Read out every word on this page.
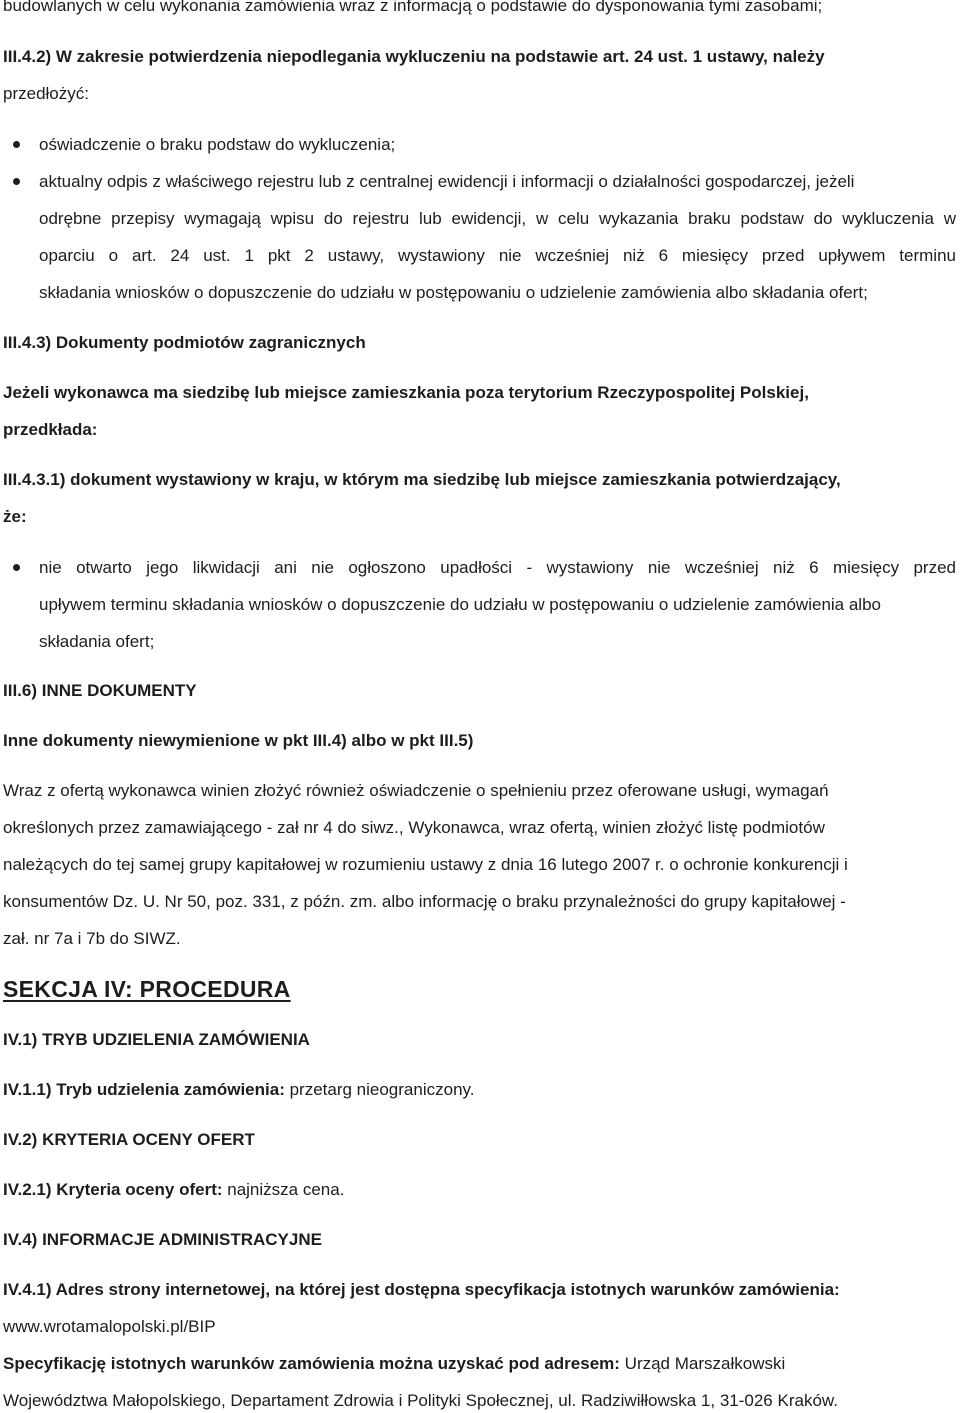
budowlanych w celu wykonania zamówienia wraz z informacją o podstawie do dysponowania tymi zasobami;
III.4.2) W zakresie potwierdzenia niepodlegania wykluczeniu na podstawie art. 24 ust. 1 ustawy, należy
przedłożyć:
oświadczenie o braku podstaw do wykluczenia;
aktualny odpis z właściwego rejestru lub z centralnej ewidencji i informacji o działalności gospodarczej, jeżeli
odrębne przepisy wymagają wpisu do rejestru lub ewidencji, w celu wykazania braku podstaw do wykluczenia w
oparciu o art. 24 ust. 1 pkt 2 ustawy, wystawiony nie wcześniej niż 6 miesięcy przed upływem terminu
składania wniosków o dopuszczenie do udziału w postępowaniu o udzielenie zamówienia albo składania ofert;
III.4.3) Dokumenty podmiotów zagranicznych
Jeżeli wykonawca ma siedzibę lub miejsce zamieszkania poza terytorium Rzeczypospolitej Polskiej,
przedkłada:
III.4.3.1) dokument wystawiony w kraju, w którym ma siedzibę lub miejsce zamieszkania potwierdzający,
że:
nie otwarto jego likwidacji ani nie ogłoszono upadłości - wystawiony nie wcześniej niż 6 miesięcy przed
upływem terminu składania wniosków o dopuszczenie do udziału w postępowaniu o udzielenie zamówienia albo
składania ofert;
III.6) INNE DOKUMENTY
Inne dokumenty niewymienione w pkt III.4) albo w pkt III.5)
Wraz z ofertą wykonawca winien złożyć również oświadczenie o spełnieniu przez oferowane usługi, wymagań
określonych przez zamawiającego - zał nr 4 do siwz., Wykonawca, wraz ofertą, winien złożyć listę podmiotów
należących do tej samej grupy kapitałowej w rozumieniu ustawy z dnia 16 lutego 2007 r. o ochronie konkurencji i
konsumentów Dz. U. Nr 50, poz. 331, z późn. zm. albo informację o braku przynależności do grupy kapitałowej -
zał. nr 7a i 7b do SIWZ.
SEKCJA IV: PROCEDURA
IV.1) TRYB UDZIELENIA ZAMÓWIENIA
IV.1.1) Tryb udzielenia zamówienia: przetarg nieograniczony.
IV.2) KRYTERIA OCENY OFERT
IV.2.1) Kryteria oceny ofert: najniższa cena.
IV.4) INFORMACJE ADMINISTRACYJNE
IV.4.1) Adres strony internetowej, na której jest dostępna specyfikacja istotnych warunków zamówienia:
www.wrotamalopolski.pl/BIP
Specyfikację istotnych warunków zamówienia można uzyskać pod adresem: Urząd Marszałkowski
Województwa Małopolskiego, Departament Zdrowia i Polityki Społecznej, ul. Radziwiłłowska 1, 31-026 Kraków.
